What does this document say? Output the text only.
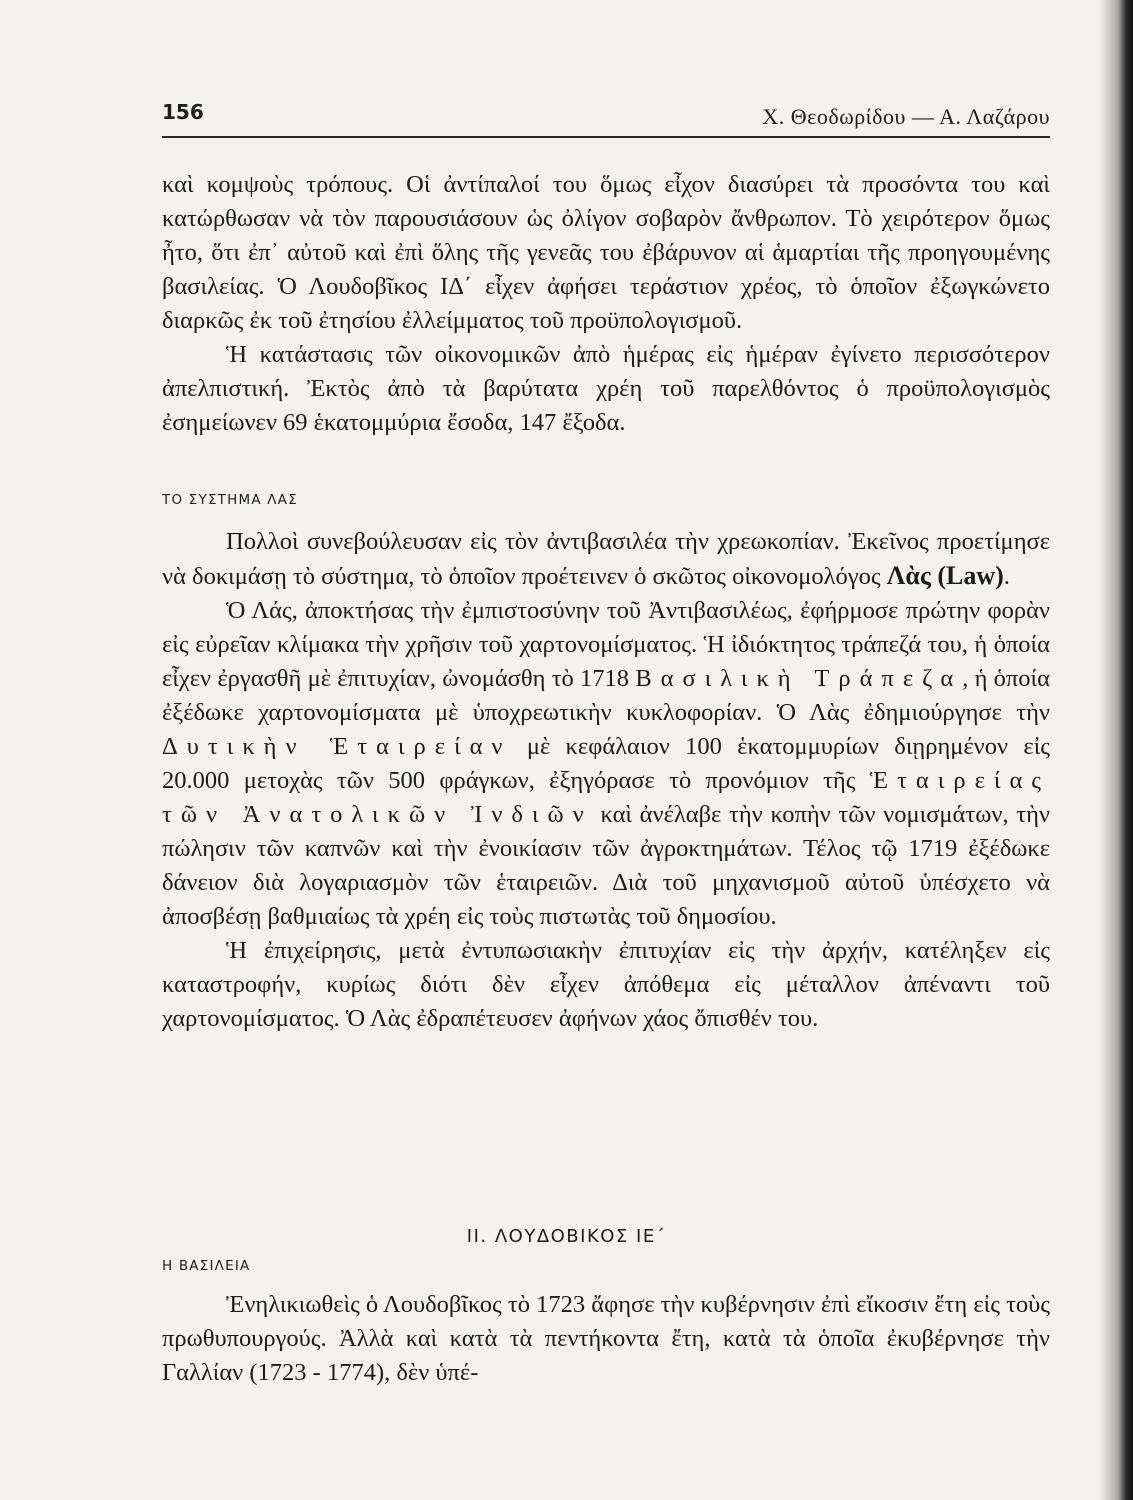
156	Χ. Θεοδωρίδου — Α. Λαζάρου

καὶ κομψοὺς τρόπους. Οἱ ἀντίπαλοί του ὅμως εἶχον διασύρει τὰ προσόντα του καὶ κατώρθωσαν νὰ τὸν παρουσιάσουν ὡς ὀλίγον σοβαρὸν ἄνθρωπον. Τὸ χειρότερον ὅμως ἦτο, ὅτι ἐπ᾿ αὐτοῦ καὶ ἐπὶ ὅλης τῆς γενεᾶς του ἐβάρυνον αἱ ἁμαρτίαι τῆς προηγουμένης βασιλείας. Ὁ Λουδοβῖκος ΙΔ΄ εἶχεν ἀφήσει τεράστιον χρέος, τὸ ὁποῖον ἐξωγκώνετο διαρκῶς ἐκ τοῦ ἐτησίου ἐλλείμματος τοῦ προϋπολογισμοῦ.

Ἡ κατάστασις τῶν οἰκονομικῶν ἀπὸ ἡμέρας εἰς ἡμέραν ἐγίνετο περισσότερον ἀπελπιστική. Ἐκτὸς ἀπὸ τὰ βαρύτατα χρέη τοῦ παρελθόντος ὁ προϋπολογισμὸς ἐσημείωνεν 69 ἑκατομμύρια ἔσοδα, 147 ἔξοδα.

ΤΟ ΣΥΣΤΗΜΑ ΛΑΣ

Πολλοὶ συνεβούλευσαν εἰς τὸν ἀντιβασιλέα τὴν χρεωκοπίαν. Ἐκεῖνος προετίμησε νὰ δοκιμάσῃ τὸ σύστημα, τὸ ὁποῖον προέτεινεν ὁ σκῶτος οἰκονομολόγος Λὰς (Law).

Ὁ Λάς, ἀποκτήσας τὴν ἐμπιστοσύνην τοῦ Ἀντιβασιλέως, ἐφήρμοσε πρώτην φορὰν εἰς εὐρεῖαν κλίμακα τὴν χρῆσιν τοῦ χαρτονομίσματος. Ἡ ἰδιόκτητος τράπεζά του, ἡ ὁποία εἶχεν ἐργασθῆ μὲ ἐπιτυχίαν, ὠνομάσθη τὸ 1718 Βασιλικὴ Τράπεζα, ἡ ὁποία ἐξέδωκε χαρτονομίσματα μὲ ὑποχρεωτικὴν κυκλοφορίαν. Ὁ Λὰς ἐδημιούργησε τὴν Δυτικὴν Ἑταιρείαν μὲ κεφάλαιον 100 ἑκατομμυρίων διῃρημένον εἰς 20.000 μετοχὰς τῶν 500 φράγκων, ἐξηγόρασε τὸ προνόμιον τῆς Ἑταιρείας τῶν Ἀνατολικῶν Ἰνδιῶν καὶ ἀνέλαβε τὴν κοπὴν τῶν νομισμάτων, τὴν πώλησιν τῶν καπνῶν καὶ τὴν ἐνοικίασιν τῶν ἀγροκτημάτων. Τέλος τῷ 1719 ἐξέδωκε δάνειον διὰ λογαριασμὸν τῶν ἑταιρειῶν. Διὰ τοῦ μηχανισμοῦ αὐτοῦ ὑπέσχετο νὰ ἀποσβέσῃ βαθμιαίως τὰ χρέη εἰς τοὺς πιστωτὰς τοῦ δημοσίου.

Ἡ ἐπιχείρησις, μετὰ ἐντυπωσιακὴν ἐπιτυχίαν εἰς τὴν ἀρχήν, κατέληξεν εἰς καταστροφήν, κυρίως διότι δὲν εἶχεν ἀπόθεμα εἰς μέταλλον ἀπέναντι τοῦ χαρτονομίσματος. Ὁ Λὰς ἐδραπέτευσεν ἀφήνων χάος ὄπισθέν του.

ΙΙ. ΛΟΥΔΟΒΙΚΟΣ ΙΕ΄
Η ΒΑΣΙΛΕΙΑ

Ἐνηλικιωθεὶς ὁ Λουδοβῖκος τὸ 1723 ἄφησε τὴν κυβέρνησιν ἐπὶ εἴκοσιν ἔτη εἰς τοὺς πρωθυπουργούς. Ἀλλὰ καὶ κατὰ τὰ πεντήκοντα ἔτη, κατὰ τὰ ὁποῖα ἐκυβέρνησε τὴν Γαλλίαν (1723 - 1774), δὲν ὑπέ-
